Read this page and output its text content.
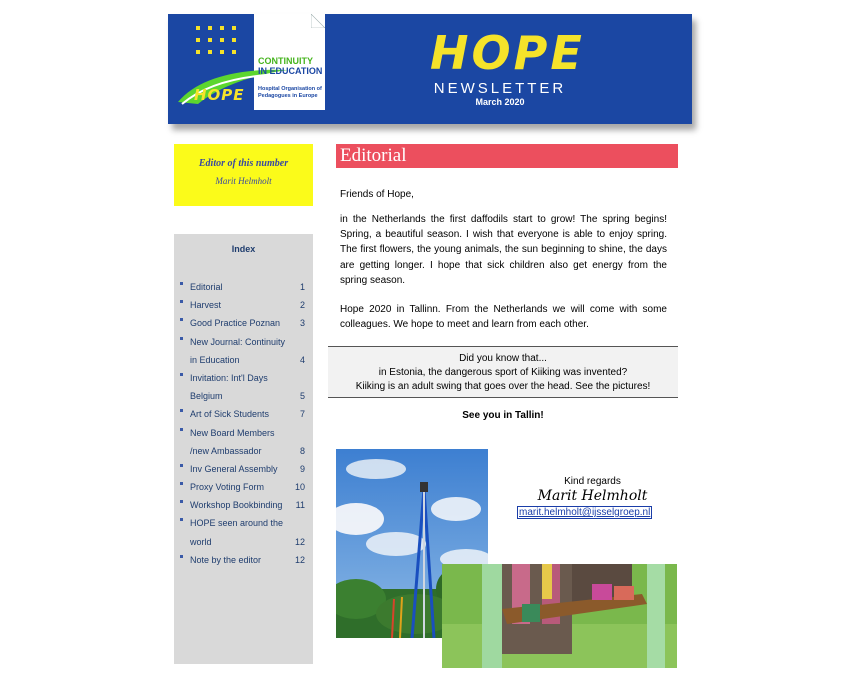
HOPE
CONTINUITY
IN EDUCATION
Hospital Organisation of Pedagogues in Europe
HOPE
NEWSLETTER
March 2020
Editor of this number
Marit Helmholt
Index
Editorial	1
Harvest	2
Good Practice Poznan 3
New Journal: Continuity
in Education	4
Invitation: Int'l Days
Belgium	5
Art of Sick Students	7
New Board Members
/new Ambassador	8
Inv General Assembly 9
Proxy Voting Form	10
Workshop Bookbinding 11
HOPE seen around the
world	12
Note by the editor	12
Editorial
Friends of Hope,
in the Netherlands the first daffodils start to grow! The spring begins! Spring, a beautiful season. I wish that everyone is able to enjoy spring. The first flowers, the young animals, the sun beginning to shine, the days are getting longer. I hope that sick children also get energy from the spring season.
Hope 2020 in Tallinn. From the Netherlands we will come with some colleagues. We hope to meet and learn from each other.
Did you know that...
in Estonia, the dangerous sport of Kiiking was invented?
Kiiking is an adult swing that goes over the head. See the pictures!
See you in Tallin!
Kind regards
Marit Helmholt
marit.helmholt@ijsselgroep.nl
